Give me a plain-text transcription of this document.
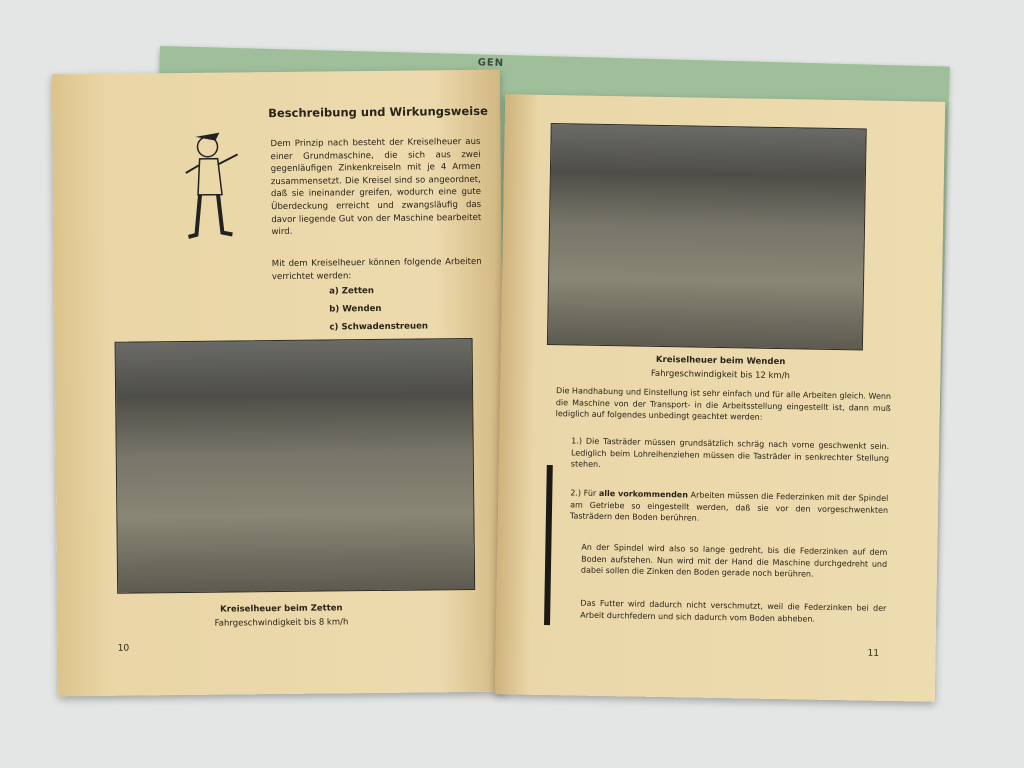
GEN
Beschreibung und Wirkungsweise
Dem Prinzip nach besteht der Kreiselheuer aus einer Grundmaschine, die sich aus zwei gegenläufigen Zinkenkreiseln mit je 4 Armen zusammensetzt. Die Kreisel sind so angeordnet, daß sie ineinander greifen, wodurch eine gute Überdeckung erreicht und zwangsläufig das davor liegende Gut von der Maschine bearbeitet wird.
Mit dem Kreiselheuer können folgende Arbeiten verrichtet werden:
a) Zetten
b) Wenden
c) Schwadenstreuen
Kreiselheuer beim Zetten
Fahrgeschwindigkeit bis 8 km/h
10
Kreiselheuer beim Wenden
Fahrgeschwindigkeit bis 12 km/h
Die Handhabung und Einstellung ist sehr einfach und für alle Arbeiten gleich. Wenn die Maschine von der Transport- in die Arbeitsstellung eingestellt ist, dann muß lediglich auf folgendes unbedingt geachtet werden:
1.) Die Tasträder müssen grundsätzlich schräg nach vorne geschwenkt sein. Lediglich beim Lohreihenziehen müssen die Tasträder in senkrechter Stellung stehen.
2.) Für alle vorkommenden Arbeiten müssen die Federzinken mit der Spindel am Getriebe so eingestellt werden, daß sie vor den vorgeschwenkten Tasträdern den Boden berühren.
An der Spindel wird also so lange gedreht, bis die Federzinken auf dem Boden aufstehen. Nun wird mit der Hand die Maschine durchgedreht und dabei sollen die Zinken den Boden gerade noch berühren.
Das Futter wird dadurch nicht verschmutzt, weil die Federzinken bei der Arbeit durchfedern und sich dadurch vom Boden abheben.
11
